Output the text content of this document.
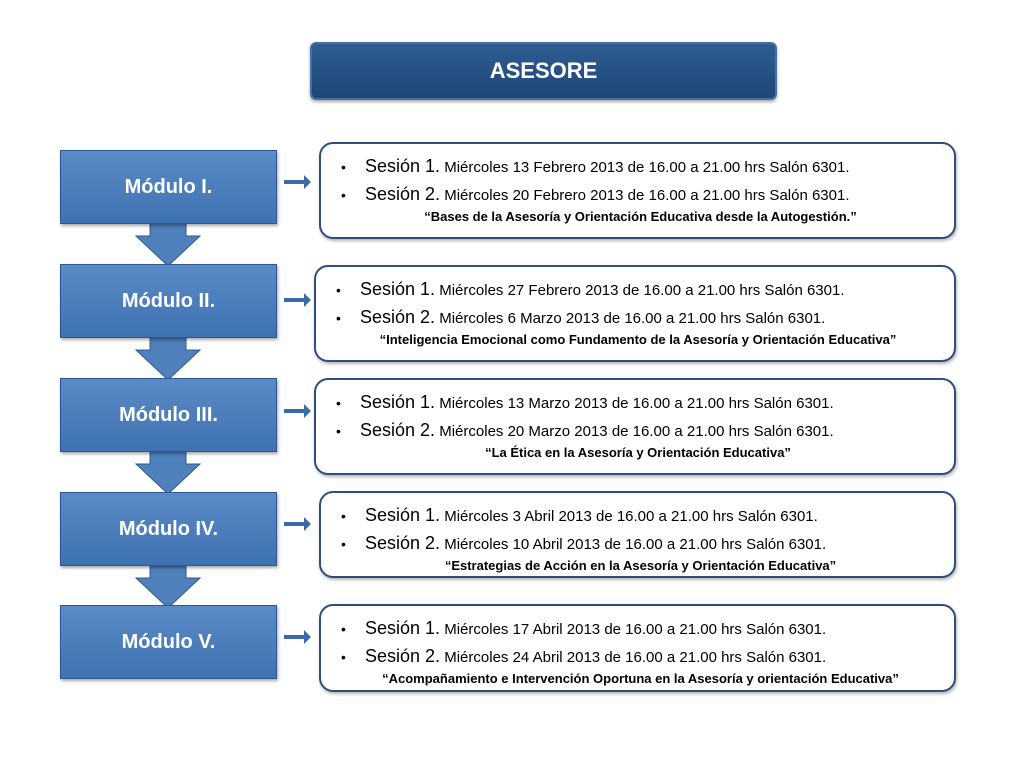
ASESORE
Módulo I.
Módulo II.
Módulo III.
Módulo IV.
Módulo V.
• Sesión 1. Miércoles 13 Febrero 2013 de 16.00 a 21.00 hrs Salón 6301.
• Sesión 2. Miércoles 20 Febrero 2013 de 16.00 a 21.00 hrs Salón 6301.
“Bases de la Asesoría y Orientación Educativa desde la Autogestión.”
• Sesión 1. Miércoles 27 Febrero 2013 de 16.00 a 21.00 hrs Salón 6301.
• Sesión 2. Miércoles 6 Marzo 2013 de 16.00 a 21.00 hrs Salón 6301.
“Inteligencia Emocional como Fundamento de la Asesoría y Orientación Educativa”
• Sesión 1. Miércoles 13 Marzo 2013 de 16.00 a 21.00 hrs Salón 6301.
• Sesión 2. Miércoles 20 Marzo 2013 de 16.00 a 21.00 hrs Salón 6301.
“La Ética en la Asesoría y Orientación Educativa”
• Sesión 1. Miércoles 3 Abril 2013 de 16.00 a 21.00 hrs Salón 6301.
• Sesión 2. Miércoles 10 Abril 2013 de 16.00 a 21.00 hrs Salón 6301.
“Estrategias de Acción en la Asesoría y Orientación Educativa”
• Sesión 1. Miércoles 17 Abril 2013 de 16.00 a 21.00 hrs Salón 6301.
• Sesión 2. Miércoles 24 Abril 2013 de 16.00 a 21.00 hrs Salón 6301.
“Acompañamiento e Intervención Oportuna en la Asesoría y orientación Educativa”
